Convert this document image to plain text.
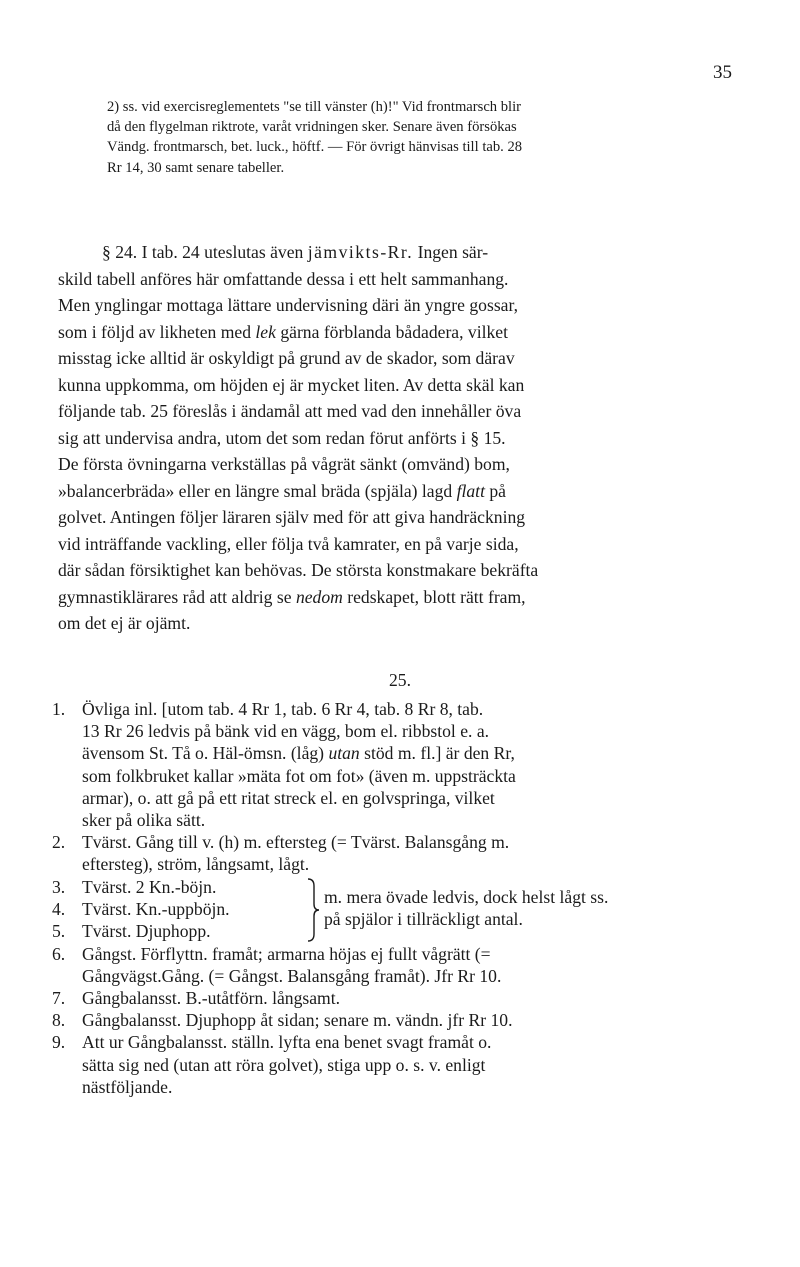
35
2) ss. vid exercisreglementets "se till vänster (h)!" Vid frontmarsch blir
då den flygelman riktrote, varåt vridningen sker. Senare även försökas
Vändg. frontmarsch, bet. luck., höftf. — För övrigt hänvisas till tab. 28
Rr 14, 30 samt senare tabeller.
§ 24. I tab. 24 uteslutas även jämvikts-Rr. Ingen sär-
skild tabell anföres här omfattande dessa i ett helt sammanhang.
Men ynglingar mottaga lättare undervisning däri än yngre gossar,
som i följd av likheten med lek gärna förblanda bådadera, vilket
misstag icke alltid är oskyldigt på grund av de skador, som därav
kunna uppkomma, om höjden ej är mycket liten. Av detta skäl kan
följande tab. 25 föreslås i ändamål att med vad den innehåller öva
sig att undervisa andra, utom det som redan förut anförts i § 15.
De första övningarna verkställas på vågrät sänkt (omvänd) bom,
»balancerbräda» eller en längre smal bräda (spjäla) lagd flatt på
golvet. Antingen följer läraren själv med för att giva handräckning
vid inträffande vackling, eller följa två kamrater, en på varje sida,
där sådan försiktighet kan behövas. De största konstmakare bekräfta
gymnastiklärares råd att aldrig se nedom redskapet, blott rätt fram,
om det ej är ojämt.
25.
1. Övliga inl. [utom tab. 4 Rr 1, tab. 6 Rr 4, tab. 8 Rr 8, tab.
13 Rr 26 ledvis på bänk vid en vägg, bom el. ribbstol e. a.
ävensom St. Tå o. Häl-ömsn. (låg) utan stöd m. fl.] är den Rr,
som folkbruket kallar »mäta fot om fot» (även m. uppsträckta
armar), o. att gå på ett ritat streck el. en golvspringa, vilket
sker på olika sätt.
2. Tvärst. Gång till v. (h) m. eftersteg (= Tvärst. Balansgång m.
eftersteg), ström, långsamt, lågt.
3. Tvärst. 2 Kn.-böjn.
4. Tvärst. Kn.-uppböjn.
5. Tvärst. Djuphopp.
m. mera övade ledvis, dock helst lågt ss.
på spjälor i tillräckligt antal.
6. Gångst. Förflyttn. framåt; armarna höjas ej fullt vågrätt (=
Gångvägst.Gång. (= Gångst. Balansgång framåt). Jfr Rr 10.
7. Gångbalansst. B.-utåtförn. långsamt.
8. Gångbalansst. Djuphopp åt sidan; senare m. vändn. jfr Rr 10.
9. Att ur Gångbalansst. ställn. lyfta ena benet svagt framåt o.
sätta sig ned (utan att röra golvet), stiga upp o. s. v. enligt
nästföljande.
